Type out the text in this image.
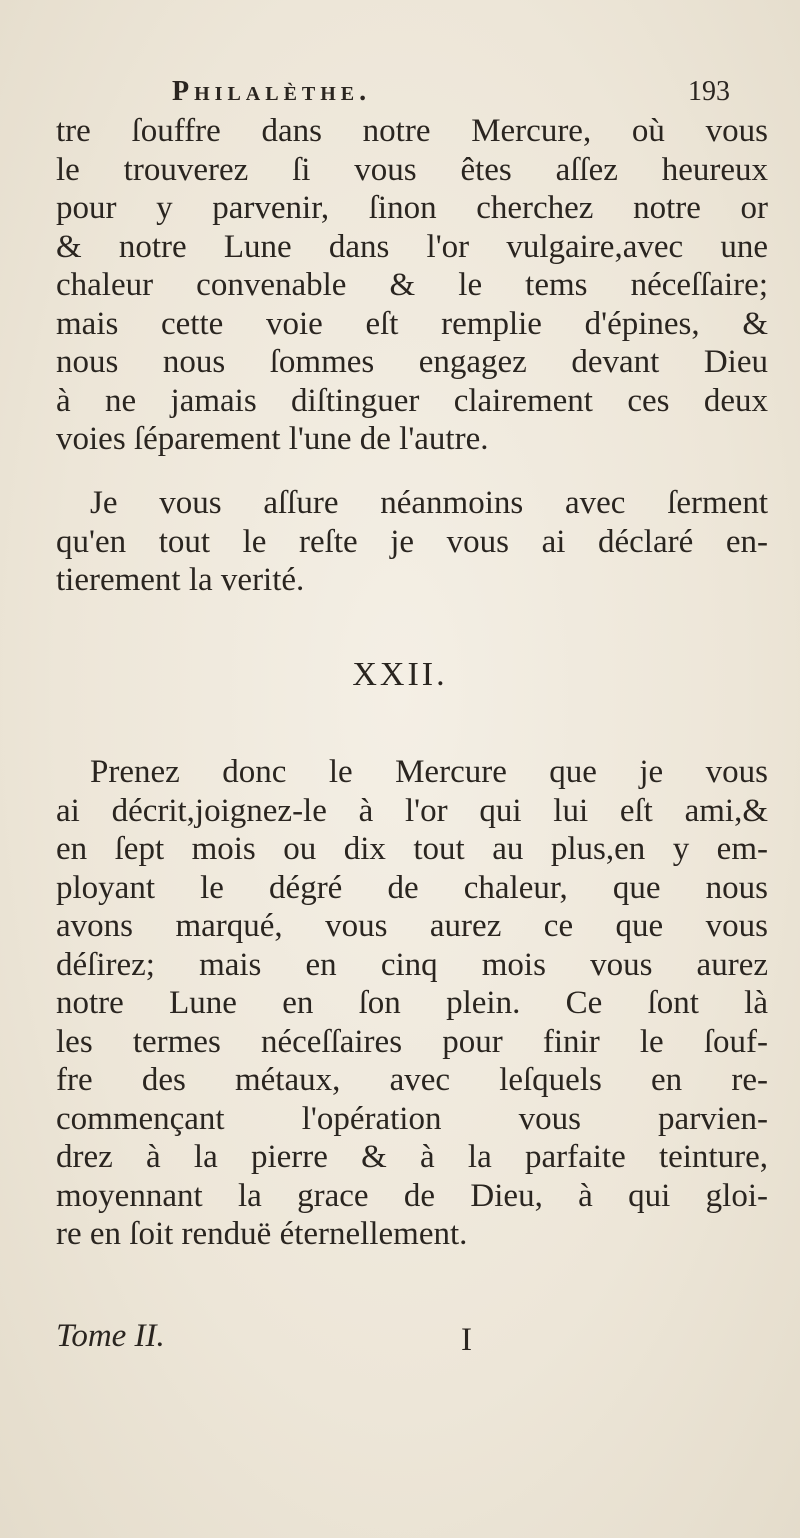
Philalèthe.	193
tre ſouffre dans notre Mercure, où vous
le trouverez ſi vous êtes aſſez heureux
pour y parvenir, ſinon cherchez notre or
& notre Lune dans l'or vulgaire,avec une
chaleur convenable & le tems néceſſaire;
mais cette voie eſt remplie d'épines, &
nous nous ſommes engagez devant Dieu
à ne jamais diſtinguer clairement ces deux
voies ſéparement l'une de l'autre.
Je vous aſſure néanmoins avec ſerment
qu'en tout le reſte je vous ai déclaré en-
tierement la verité.
XXII.
Prenez donc le Mercure que je vous
ai décrit,joignez-le à l'or qui lui eſt ami,&
en ſept mois ou dix tout au plus,en y em-
ployant le dégré de chaleur, que nous
avons marqué, vous aurez ce que vous
déſirez; mais en cinq mois vous aurez
notre Lune en ſon plein. Ce ſont là
les termes néceſſaires pour finir le ſouf-
fre des métaux, avec leſquels en re-
commençant l'opération vous parvien-
drez à la pierre & à la parfaite teinture,
moyennant la grace de Dieu, à qui gloi-
re en ſoit renduë éternellement.
Tome II.	I
